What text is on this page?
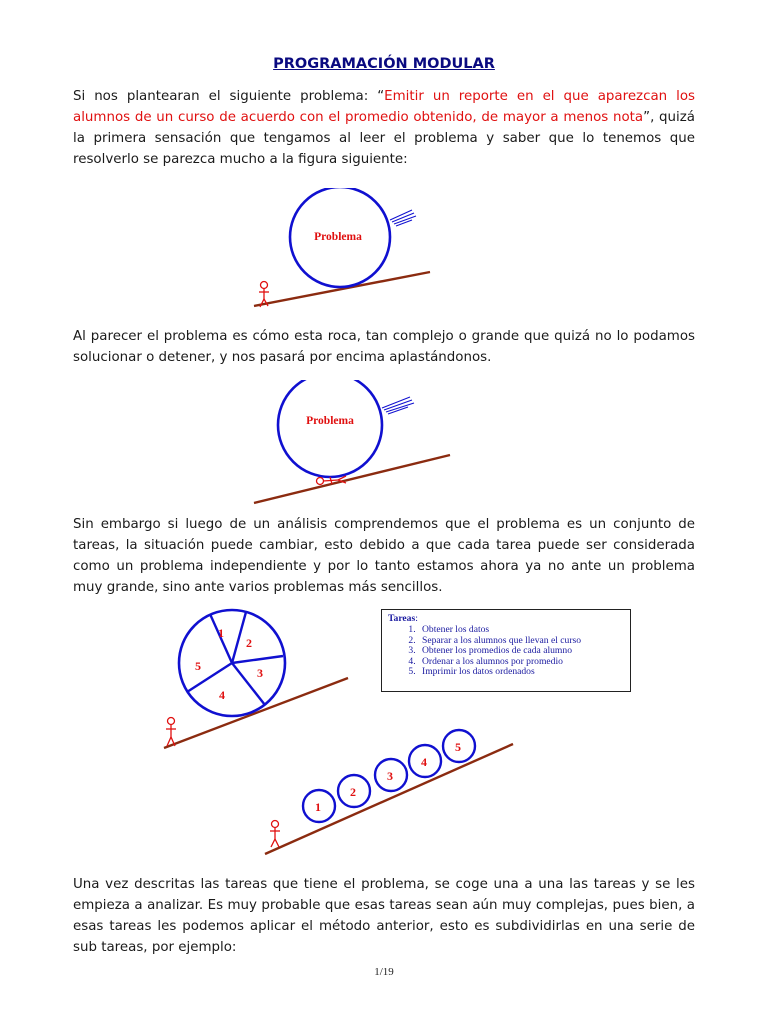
PROGRAMACIÓN MODULAR

Si nos plantearan el siguiente problema: “Emitir un reporte en el que aparezcan los alumnos de un curso de acuerdo con el promedio obtenido, de mayor a menos nota”, quizá la primera sensación que tengamos al leer el problema y saber que lo tenemos que resolverlo se parezca mucho a la figura siguiente:

Problema

Al parecer el problema es cómo esta roca, tan complejo o grande que quizá no lo podamos solucionar o detener, y nos pasará por encima aplastándonos.

Problema

Sin embargo si luego de un análisis comprendemos que el problema es un conjunto de tareas, la situación puede cambiar, esto debido a que cada tarea puede ser considerada como un problema independiente y por lo tanto estamos ahora ya no ante un problema muy grande, sino ante varios problemas más sencillos.

1
2
3
4
5
Tareas:
1. Obtener los datos
2. Separar a los alumnos que llevan el curso
3. Obtener los promedios de cada alumno
4. Ordenar a los alumnos por promedio
5. Imprimir los datos ordenados
1
2
3
4
5

Una vez descritas las tareas que tiene el problema, se coge una a una las tareas y se les empieza a analizar. Es muy probable que esas tareas sean aún muy complejas, pues bien, a esas tareas les podemos aplicar el método anterior, esto es subdividirlas en una serie de sub tareas, por ejemplo:

1/19
